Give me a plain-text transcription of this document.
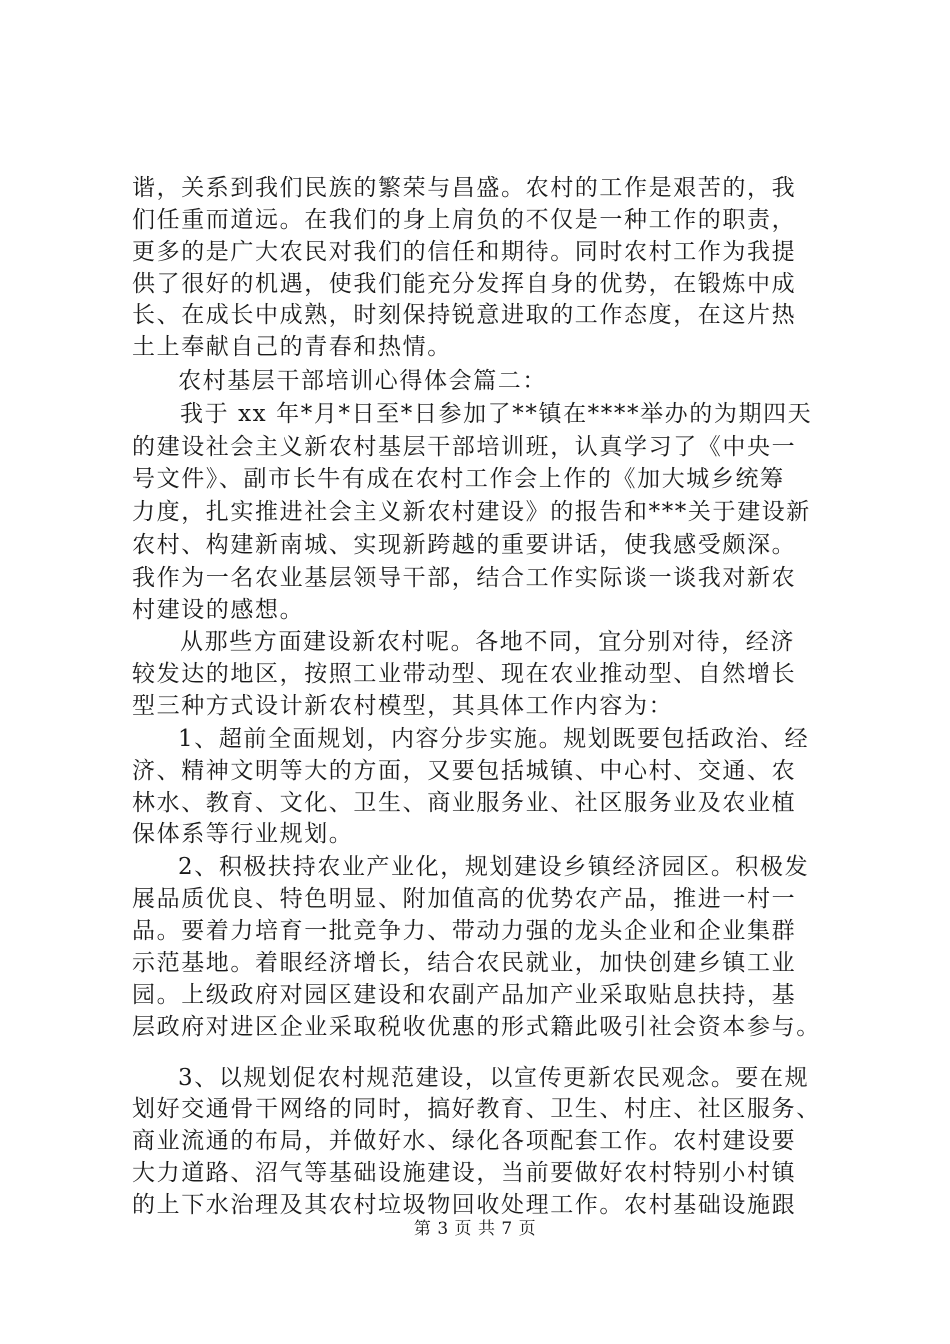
谐，关系到我们民族的繁荣与昌盛。农村的工作是艰苦的，我
们任重而道远。在我们的身上肩负的不仅是一种工作的职责，
更多的是广大农民对我们的信任和期待。同时农村工作为我提
供了很好的机遇，使我们能充分发挥自身的优势，在锻炼中成
长、在成长中成熟，时刻保持锐意进取的工作态度，在这片热
土上奉献自己的青春和热情。
农村基层干部培训心得体会篇二：
我于 xx 年*月*日至*日参加了**镇在****举办的为期四天
的建设社会主义新农村基层干部培训班，认真学习了《中央一
号文件》、副市长牛有成在农村工作会上作的《加大城乡统筹
力度，扎实推进社会主义新农村建设》的报告和***关于建设新
农村、构建新南城、实现新跨越的重要讲话，使我感受颇深。
我作为一名农业基层领导干部，结合工作实际谈一谈我对新农
村建设的感想。
从那些方面建设新农村呢。各地不同，宜分别对待，经济
较发达的地区，按照工业带动型、现在农业推动型、自然增长
型三种方式设计新农村模型，其具体工作内容为：
1、超前全面规划，内容分步实施。规划既要包括政治、经
济、精神文明等大的方面，又要包括城镇、中心村、交通、农
林水、教育、文化、卫生、商业服务业、社区服务业及农业植
保体系等行业规划。
2、积极扶持农业产业化，规划建设乡镇经济园区。积极发
展品质优良、特色明显、附加值高的优势农产品，推进一村一
品。要着力培育一批竞争力、带动力强的龙头企业和企业集群
示范基地。着眼经济增长，结合农民就业，加快创建乡镇工业
园。上级政府对园区建设和农副产品加产业采取贴息扶持，基
层政府对进区企业采取税收优惠的形式籍此吸引社会资本参与。
3、以规划促农村规范建设，以宣传更新农民观念。要在规
划好交通骨干网络的同时，搞好教育、卫生、村庄、社区服务、
商业流通的布局，并做好水、绿化各项配套工作。农村建设要
大力道路、沼气等基础设施建设，当前要做好农村特别小村镇
的上下水治理及其农村垃圾物回收处理工作。农村基础设施跟
第 3 页 共 7 页
